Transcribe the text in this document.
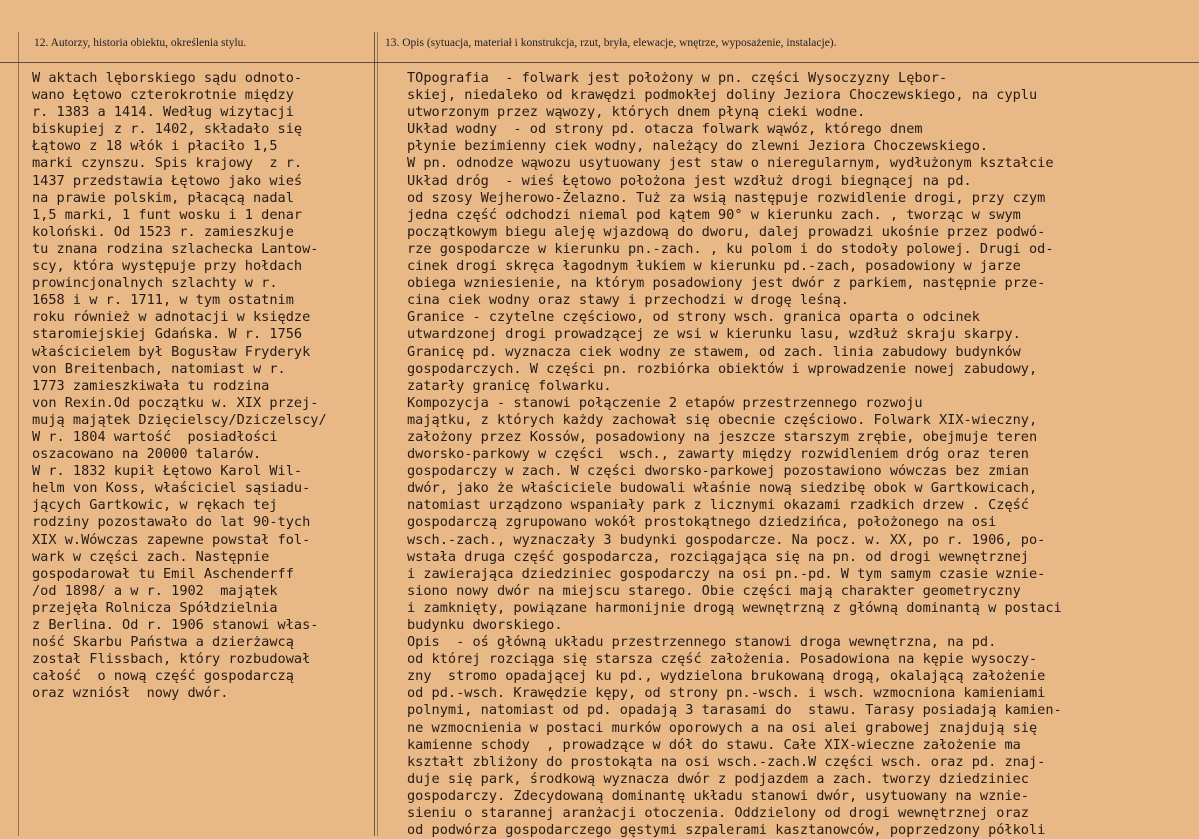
12. Autorzy, historia obiektu, określenia stylu.	13. Opis (sytuacja, materiał i konstrukcja, rzut, bryła, elewacje, wnętrze, wyposażenie, instalacje).
W aktach lęborskiego sądu odnoto-
wano Łętowo czterokrotnie między
r. 1383 a 1414. Według wizytacji
biskupiej z r. 1402, składało się
Łątowo z 18 włók i płaciło 1,5
marki czynszu. Spis krajowy  z r.
1437 przedstawia Łętowo jako wieś
na prawie polskim, płacącą nadal
1,5 marki, 1 funt wosku i 1 denar
koloński. Od 1523 r. zamieszkuje
tu znana rodzina szlachecka Lantow-
scy, która występuje przy hołdach
prowincjonalnych szlachty w r.
1658 i w r. 1711, w tym ostatnim
roku również w adnotacji w księdze
staromiejskiej Gdańska. W r. 1756
właścicielem był Bogusław Fryderyk
von Breitenbach, natomiast w r.
1773 zamieszkiwała tu rodzina
von Rexin.Od początku w. XIX przej-
mują majątek Dzięcielscy/Dziczelscy/
W r. 1804 wartość  posiadłości
oszacowano na 20000 talarów.
W r. 1832 kupił Łętowo Karol Wil-
helm von Koss, właściciel sąsiadu-
jących Gartkowic, w rękach tej
rodziny pozostawało do lat 90-tych
XIX w.Wówczas zapewne powstał fol-
wark w części zach. Następnie
gospodarował tu Emil Aschenderff
/od 1898/ a w r. 1902  majątek
przejęła Rolnicza Spółdzielnia
z Berlina. Od r. 1906 stanowi włas-
ność Skarbu Państwa a dzierżawcą
został Flissbach, który rozbudował
całość  o nową część gospodarczą
oraz wzniósł  nowy dwór.
TOpografia  - folwark jest położony w pn. części Wysoczyzny Lębor-
skiej, niedaleko od krawędzi podmokłej doliny Jeziora Choczewskiego, na cyplu
utworzonym przez wąwozy, których dnem płyną cieki wodne.
Układ wodny  - od strony pd. otacza folwark wąwóz, którego dnem
płynie bezimienny ciek wodny, należący do zlewni Jeziora Choczewskiego.
W pn. odnodze wąwozu usytuowany jest staw o nieregularnym, wydłużonym kształcie
Układ dróg  - wieś Łętowo położona jest wzdłuż drogi biegnącej na pd.
od szosy Wejherowo-Żelazno. Tuż za wsią następuje rozwidlenie drogi, przy czym
jedna część odchodzi niemal pod kątem 90° w kierunku zach. , tworząc w swym
początkowym biegu aleję wjazdową do dworu, dalej prowadzi ukośnie przez podwó-
rze gospodarcze w kierunku pn.-zach. , ku polom i do stodoły polowej. Drugi od-
cinek drogi skręca łagodnym łukiem w kierunku pd.-zach, posadowiony w jarze
obiega wzniesienie, na którym posadowiony jest dwór z parkiem, następnie prze-
cina ciek wodny oraz stawy i przechodzi w drogę leśną.
Granice - czytelne częściowo, od strony wsch. granica oparta o odcinek
utwardzonej drogi prowadzącej ze wsi w kierunku lasu, wzdłuż skraju skarpy.
Granicę pd. wyznacza ciek wodny ze stawem, od zach. linia zabudowy budynków
gospodarczych. W części pn. rozbiórka obiektów i wprowadzenie nowej zabudowy,
zatarły granicę folwarku.
Kompozycja - stanowi połączenie 2 etapów przestrzennego rozwoju
majątku, z których każdy zachował się obecnie częściowo. Folwark XIX-wieczny,
założony przez Kossów, posadowiony na jeszcze starszym zrębie, obejmuje teren
dworsko-parkowy w części  wsch., zawarty między rozwidleniem dróg oraz teren
gospodarczy w zach. W części dworsko-parkowej pozostawiono wówczas bez zmian
dwór, jako że właściciele budowali właśnie nową siedzibę obok w Gartkowicach,
natomiast urządzono wspaniały park z licznymi okazami rzadkich drzew . Część
gospodarczą zgrupowano wokół prostokątnego dziedzińca, położonego na osi
wsch.-zach., wyznaczały 3 budynki gospodarcze. Na pocz. w. XX, po r. 1906, po-
wstała druga część gospodarcza, rozciągająca się na pn. od drogi wewnętrznej
i zawierająca dziedziniec gospodarczy na osi pn.-pd. W tym samym czasie wznie-
siono nowy dwór na miejscu starego. Obie części mają charakter geometryczny
i zamknięty, powiązane harmonijnie drogą wewnętrzną z główną dominantą w postaci
budynku dworskiego.
Opis  - oś główną układu przestrzennego stanowi droga wewnętrzna, na pd.
od której rozciąga się starsza część założenia. Posadowiona na kępie wysoczy-
zny  stromo opadającej ku pd., wydzielona brukowaną drogą, okalającą założenie
od pd.-wsch. Krawędzie kępy, od strony pn.-wsch. i wsch. wzmocniona kamieniami
polnymi, natomiast od pd. opadają 3 tarasami do  stawu. Tarasy posiadają kamien-
ne wzmocnienia w postaci murków oporowych a na osi alei grabowej znajdują się
kamienne schody  , prowadzące w dół do stawu. Całe XIX-wieczne założenie ma
kształt zbliżony do prostokąta na osi wsch.-zach.W części wsch. oraz pd. znaj-
duje się park, środkową wyznacza dwór z podjazdem a zach. tworzy dziedziniec
gospodarczy. Zdecydowaną dominantę układu stanowi dwór, usytuowany na wznie-
sieniu o starannej aranżacji otoczenia. Oddzielony od drogi wewnętrznej oraz
od podwórza gospodarczego gęstymi szpalerami kasztanowców, poprzedzony półkoli
